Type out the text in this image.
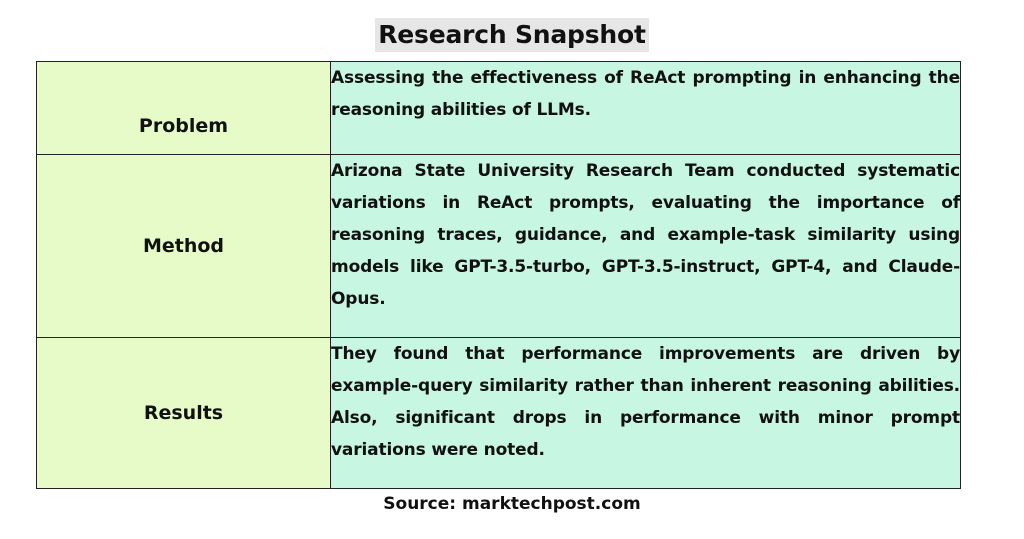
Research Snapshot
Problem	Assessing the effectiveness of ReAct prompting in enhancing the reasoning abilities of LLMs.
Method	Arizona State University Research Team conducted systematic variations in ReAct prompts, evaluating the importance of reasoning traces, guidance, and example-task similarity using models like GPT-3.5-turbo, GPT-3.5-instruct, GPT-4, and Claude-Opus.
Results	They found that performance improvements are driven by example-query similarity rather than inherent reasoning abilities. Also, significant drops in performance with minor prompt variations were noted.
Source: marktechpost.com
